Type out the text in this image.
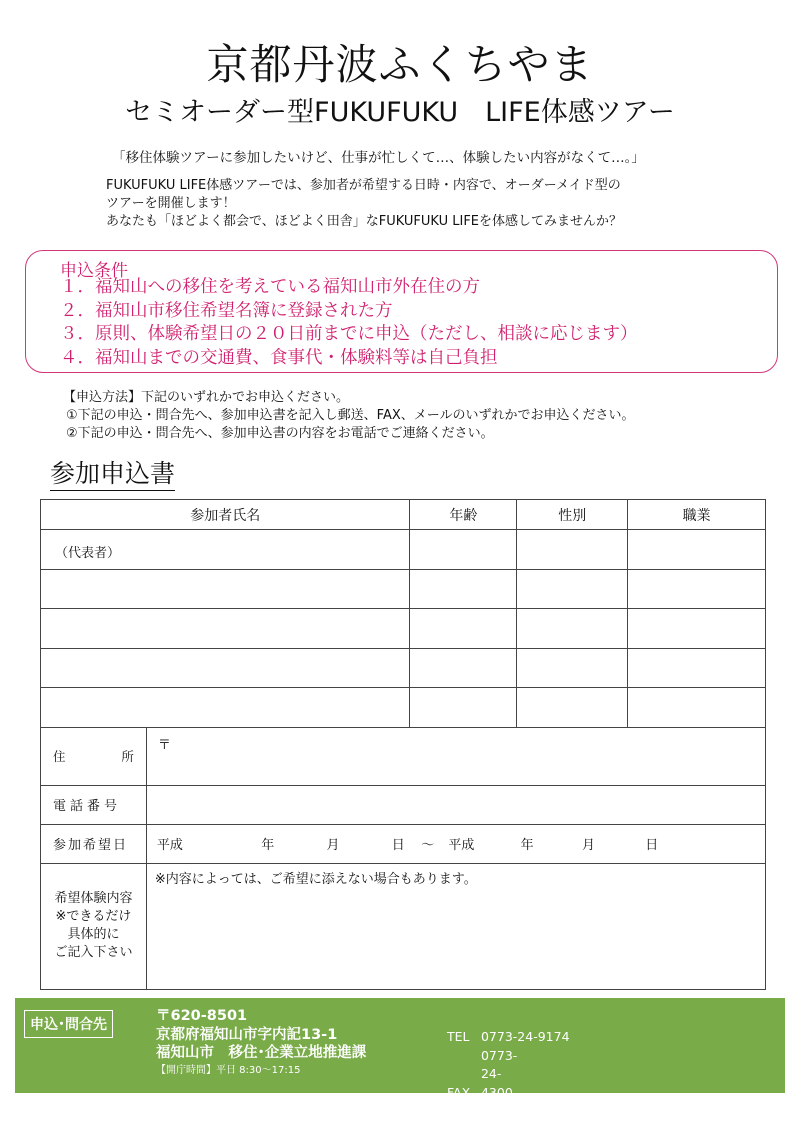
京都丹波ふくちやま
セミオーダー型FUKUFUKU　LIFE体感ツアー
「移住体験ツアーに参加したいけど、仕事が忙しくて…、体験したい内容がなくて…。」
FUKUFUKU LIFE体感ツアーでは、参加者が希望する日時・内容で、オーダーメイド型の
ツアーを開催します！
あなたも「ほどよく都会で、ほどよく田舎」なFUKUFUKU LIFEを体感してみませんか？
申込条件
１．福知山への移住を考えている福知山市外在住の方
２．福知山市移住希望名簿に登録された方
３．原則、体験希望日の２０日前までに申込（ただし、相談に応じます）
４．福知山までの交通費、食事代・体験料等は自己負担
【申込方法】下記のいずれかでお申込ください。
①下記の申込・問合先へ、参加申込書を記入し郵送、FAX、メールのいずれかでお申込ください。
②下記の申込・問合先へ、参加申込書の内容をお電話でご連絡ください。
参加申込書
参加者氏名		年齢	性別	職業
（代表者）				

住 所	〒			
電話番号				
参加希望日	平成 年 月 日 ～ 平成 年 月 日			

希望体験内容
※できるだけ
具体的に
ご記入下さい	※内容によっては、ご希望に添えない場合もあります。			
申込･問合先
〒620-8501
京都府福知山市字内記13-1
福知山市　移住･企業立地推進課
【開庁時間】平日 8:30～17:15
TEL 0773-24-9174
FAX 0773-24-4300
Mail welcome.iju.kigyo@city.fukuchiyama.lg.jp
